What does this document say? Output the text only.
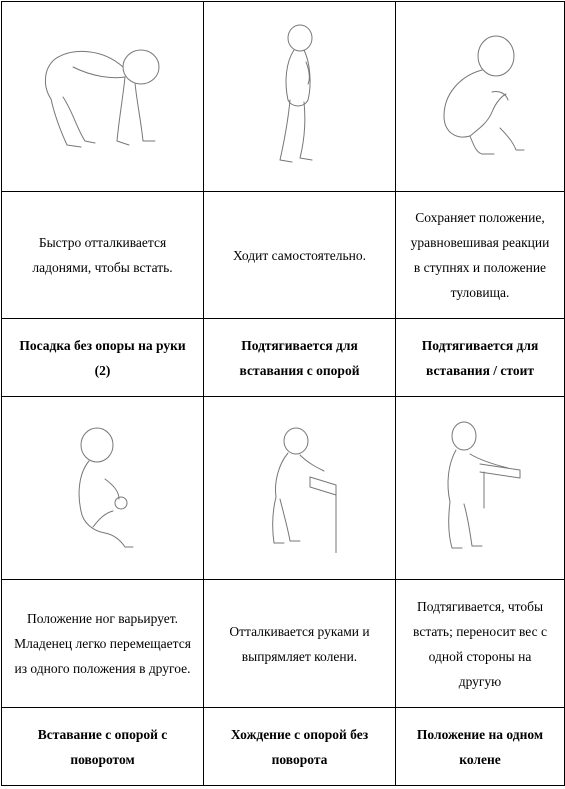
Быстро отталкивается ладонями, чтобы встать.	Ходит самостоятельно.	Сохраняет положение, уравновешивая реакции в ступнях и положение туловища.
Посадка без опоры на руки (2)	Подтягивается для вставания с опорой	Подтягивается для вставания / стоит

Положение ног варьирует. Младенец легко перемещается из одного положения в другое.	Отталкивается руками и выпрямляет колени.	Подтягивается, чтобы встать; переносит вес с одной стороны на другую
Вставание с опорой с поворотом	Хождение с опорой без поворота	Положение на одном колене
